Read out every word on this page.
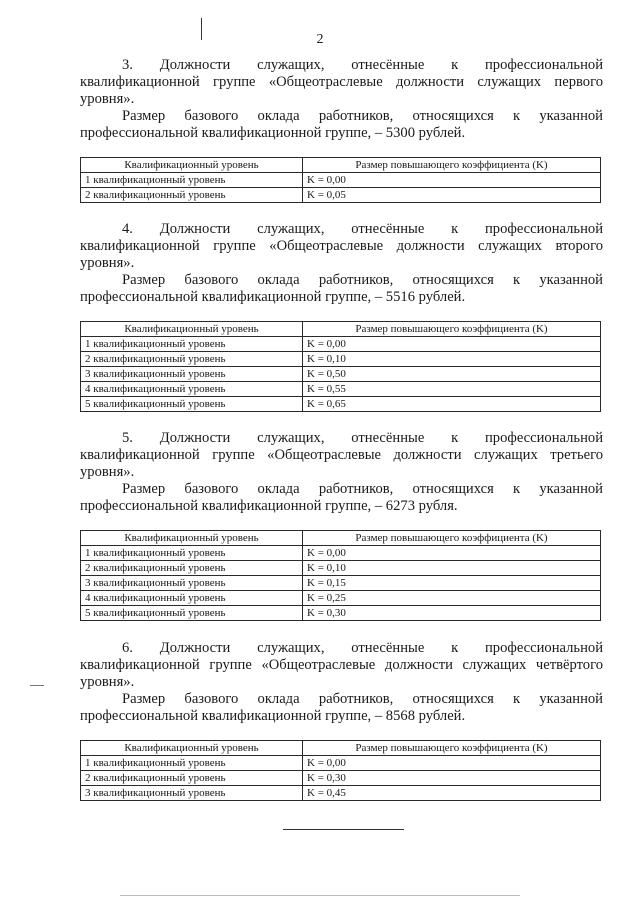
2

3. Должности служащих, отнесённые к профессиональной квалификационной группе «Общеотраслевые должности служащих первого уровня».

Размер базового оклада работников, относящихся к указанной профессиональной квалификационной группе, – 5300 рублей.

Квалификационный уровень	Размер повышающего коэффициента (K)
1 квалификационный уровень	K = 0,00
2 квалификационный уровень	K = 0,05

4. Должности служащих, отнесённые к профессиональной квалификационной группе «Общеотраслевые должности служащих второго уровня».

Размер базового оклада работников, относящихся к указанной профессиональной квалификационной группе, – 5516 рублей.

Квалификационный уровень	Размер повышающего коэффициента (K)
1 квалификационный уровень	K = 0,00
2 квалификационный уровень	K = 0,10
3 квалификационный уровень	K = 0,50
4 квалификационный уровень	K = 0,55
5 квалификационный уровень	K = 0,65

5. Должности служащих, отнесённые к профессиональной квалификационной группе «Общеотраслевые должности служащих третьего уровня».

Размер базового оклада работников, относящихся к указанной профессиональной квалификационной группе, – 6273 рубля.

Квалификационный уровень	Размер повышающего коэффициента (K)
1 квалификационный уровень	K = 0,00
2 квалификационный уровень	K = 0,10
3 квалификационный уровень	K = 0,15
4 квалификационный уровень	K = 0,25
5 квалификационный уровень	K = 0,30

6. Должности служащих, отнесённые к профессиональной квалификационной группе «Общеотраслевые должности служащих четвёртого уровня».

Размер базового оклада работников, относящихся к указанной профессиональной квалификационной группе, – 8568 рублей.

Квалификационный уровень	Размер повышающего коэффициента (K)
1 квалификационный уровень	K = 0,00
2 квалификационный уровень	K = 0,30
3 квалификационный уровень	K = 0,45
